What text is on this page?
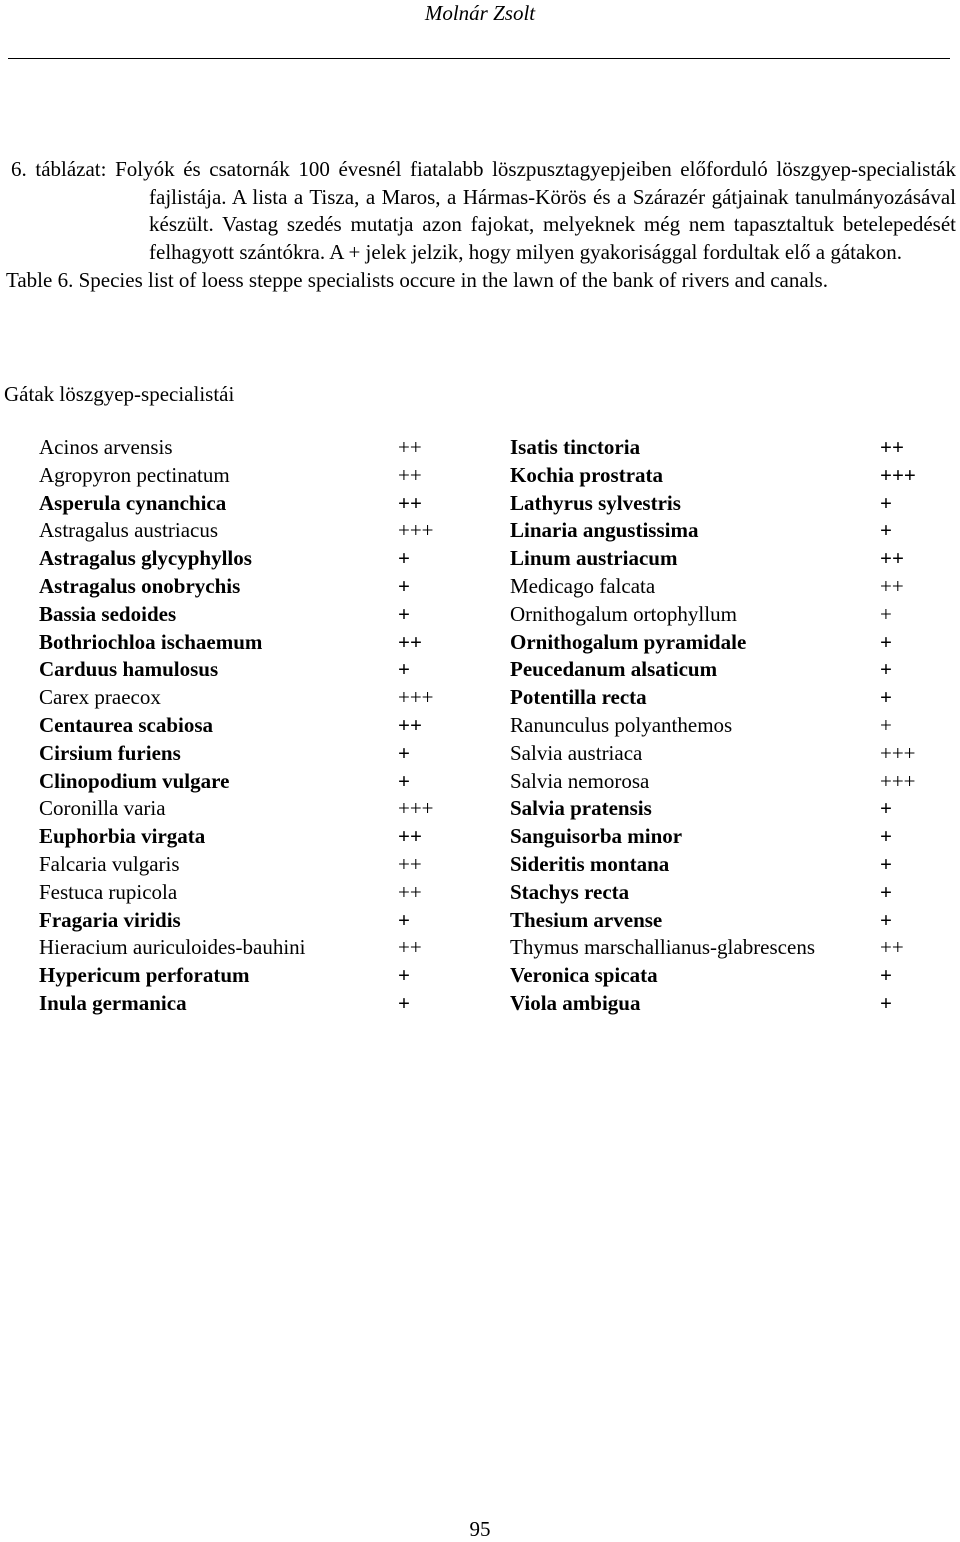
Molnár Zsolt
6. táblázat: Folyók és csatornák 100 évesnél fiatalabb löszpusztagyepjeiben előforduló löszgyep-specialisták fajlistája. A lista a Tisza, a Maros, a Hármas-Körös és a Szárazér gátjainak tanulmányozásával készült. Vastag szedés mutatja azon fajokat, melyeknek még nem tapasztaltuk betelepedését felhagyott szántókra. A + jelek jelzik, hogy milyen gyakorisággal fordultak elő a gátakon.
Table 6. Species list of loess steppe specialists occure in the lawn of the bank of rivers and canals.
Gátak löszgyep-specialistái
Acinos arvensis	++	Isatis tinctoria	++
Agropyron pectinatum	++	Kochia prostrata	+++
Asperula cynanchica	++	Lathyrus sylvestris	+
Astragalus austriacus	+++	Linaria angustissima	+
Astragalus glycyphyllos	+	Linum austriacum	++
Astragalus onobrychis	+	Medicago falcata	++
Bassia sedoides	+	Ornithogalum ortophyllum	+
Bothriochloa ischaemum	++	Ornithogalum pyramidale	+
Carduus hamulosus	+	Peucedanum alsaticum	+
Carex praecox	+++	Potentilla recta	+
Centaurea scabiosa	++	Ranunculus polyanthemos	+
Cirsium furiens	+	Salvia austriaca	+++
Clinopodium vulgare	+	Salvia nemorosa	+++
Coronilla varia	+++	Salvia pratensis	+
Euphorbia virgata	++	Sanguisorba minor	+
Falcaria vulgaris	++	Sideritis montana	+
Festuca rupicola	++	Stachys recta	+
Fragaria viridis	+	Thesium arvense	+
Hieracium auriculoides-bauhini	++	Thymus marschallianus-glabrescens	++
Hypericum perforatum	+	Veronica spicata	+
Inula germanica	+	Viola ambigua	+
95
